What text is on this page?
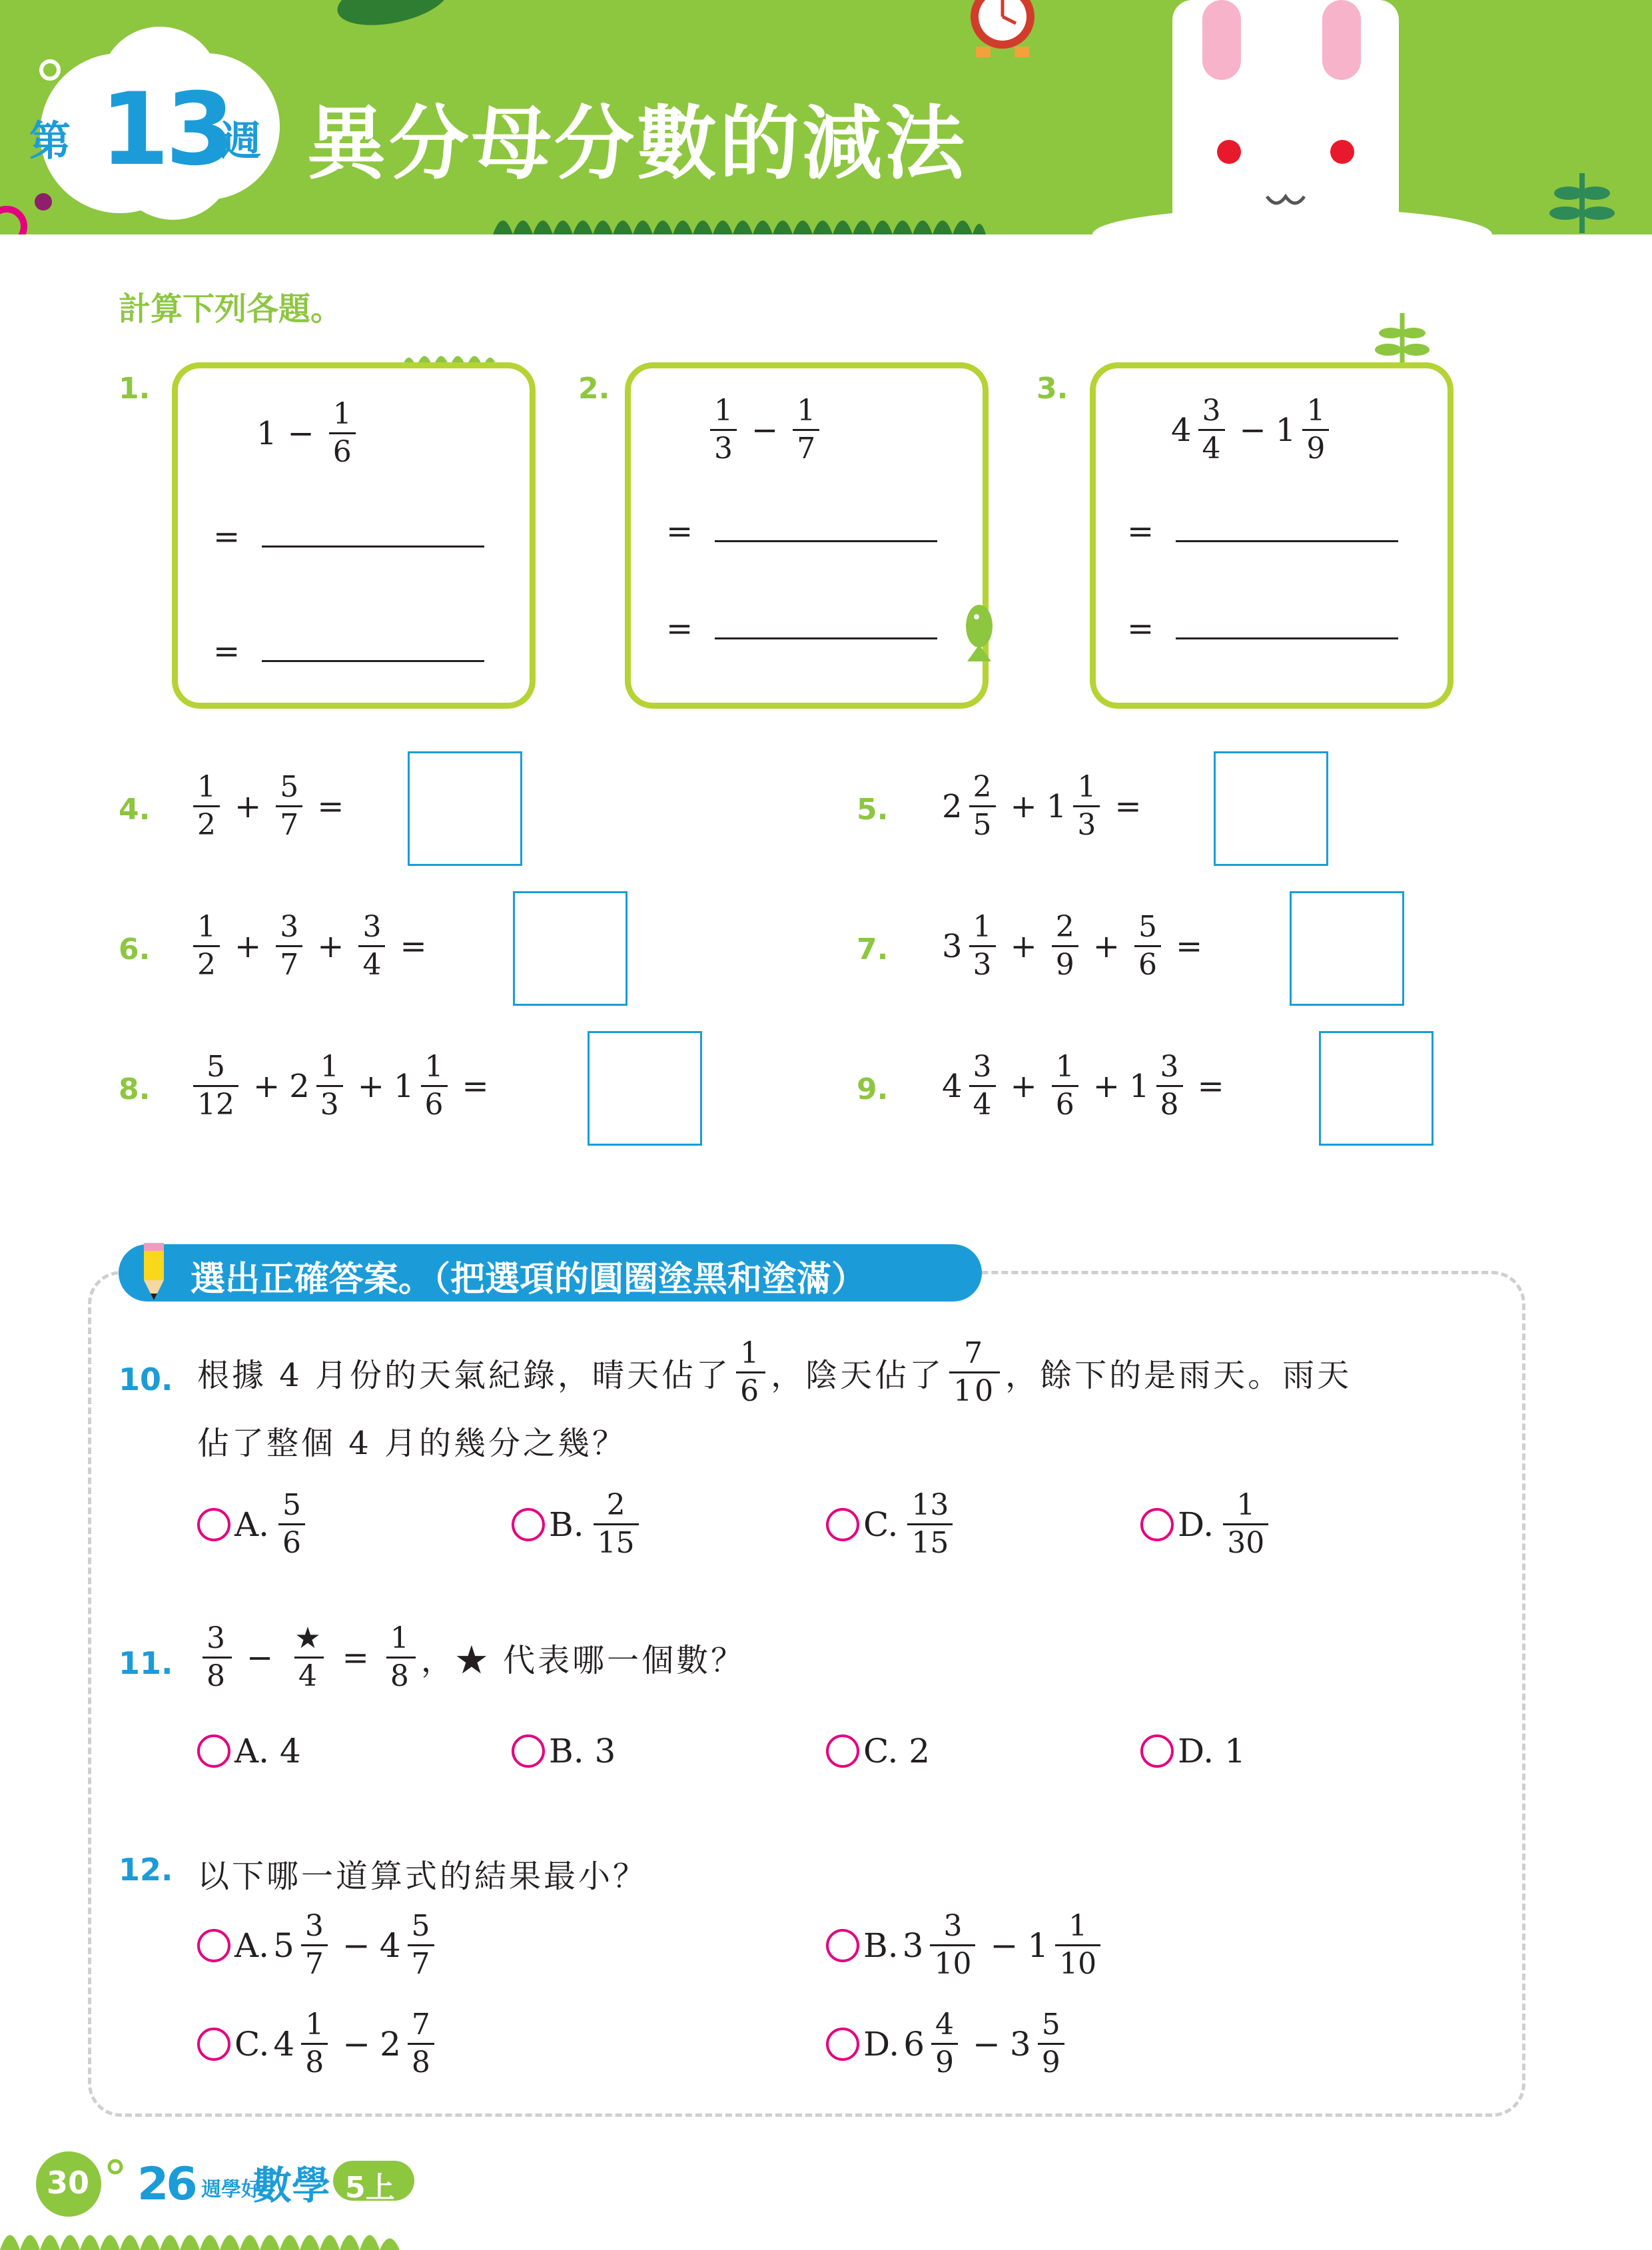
第 13
週 異分母分數的減法
計算下列各題。
1.
$1 - \frac{1}{6}$
=
=
2.
$\frac{1}{3} - \frac{1}{7}$
=
=
3.
$4 \frac{3}{4} - 1 \frac{1}{9}$
=
=
4. $\frac{1}{2} + \frac{5}{7}$ =	5. $2 \frac{2}{5} + 1 \frac{1}{3}$ =
6. $\frac{1}{2} + \frac{3}{7} + \frac{3}{4}$ =	7. $3 \frac{1}{3} + \frac{2}{9} + \frac{5}{6}$ =
8. $\frac{5}{12} + 2 \frac{1}{3} + 1 \frac{1}{6}$ =	9. $4 \frac{3}{4} + \frac{1}{6} + 1 \frac{3}{8}$ =
選出正確答案。（把選項的圓圈塗黑和塗滿）
10. 根據 4 月份的天氣紀錄，晴天佔了 $\frac{1}{6}$ ，陰天佔了 $\frac{7}{10}$ ，餘下的是雨天。雨天
佔了整個 4 月的幾分之幾？
A. $\frac{5}{6}$	B. $\frac{2}{15}$	C. $\frac{13}{15}$	D. $\frac{1}{30}$
11. $\frac{3}{8} - \frac{★}{4} = \frac{1}{8}$ ，★ 代表哪一個數？
A. 4	B. 3	C. 2	D. 1
12. 以下哪一道算式的結果最小？
A. $5 \frac{3}{7} - 4 \frac{5}{7}$	B. $3 \frac{3}{10} - 1 \frac{1}{10}$
C. $4 \frac{1}{8} - 2 \frac{7}{8}$	D. $6 \frac{4}{9} - 3 \frac{5}{9}$
30 26 週學好
數學 5上
